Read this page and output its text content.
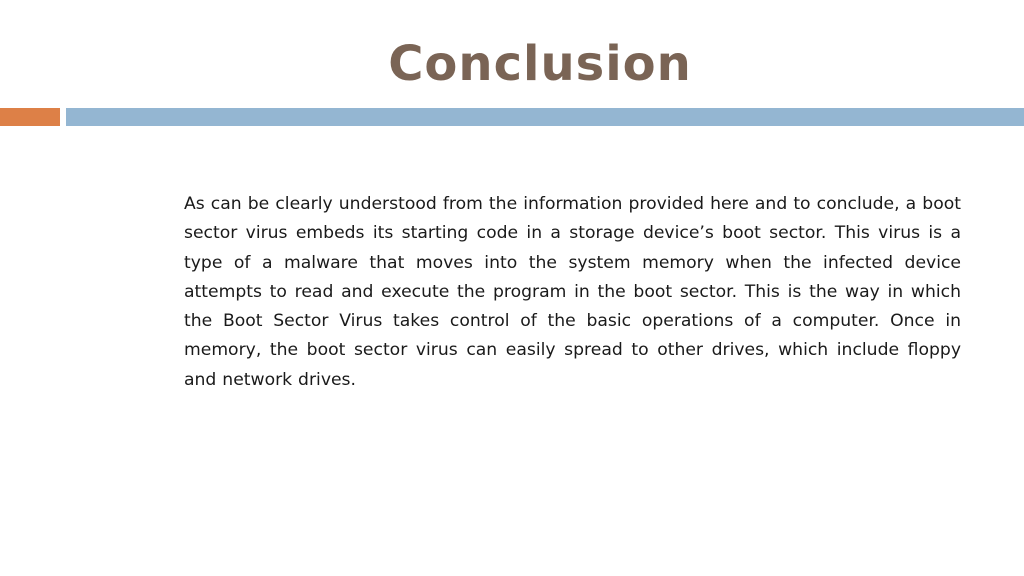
Conclusion

As can be clearly understood from the information provided here and to conclude, a boot sector virus embeds its starting code in a storage device’s boot sector. This virus is a type of a malware that moves into the system memory when the infected device attempts to read and execute the program in the boot sector. This is the way in which the Boot Sector Virus takes control of the basic operations of a computer. Once in memory, the boot sector virus can easily spread to other drives, which include floppy and network drives.
